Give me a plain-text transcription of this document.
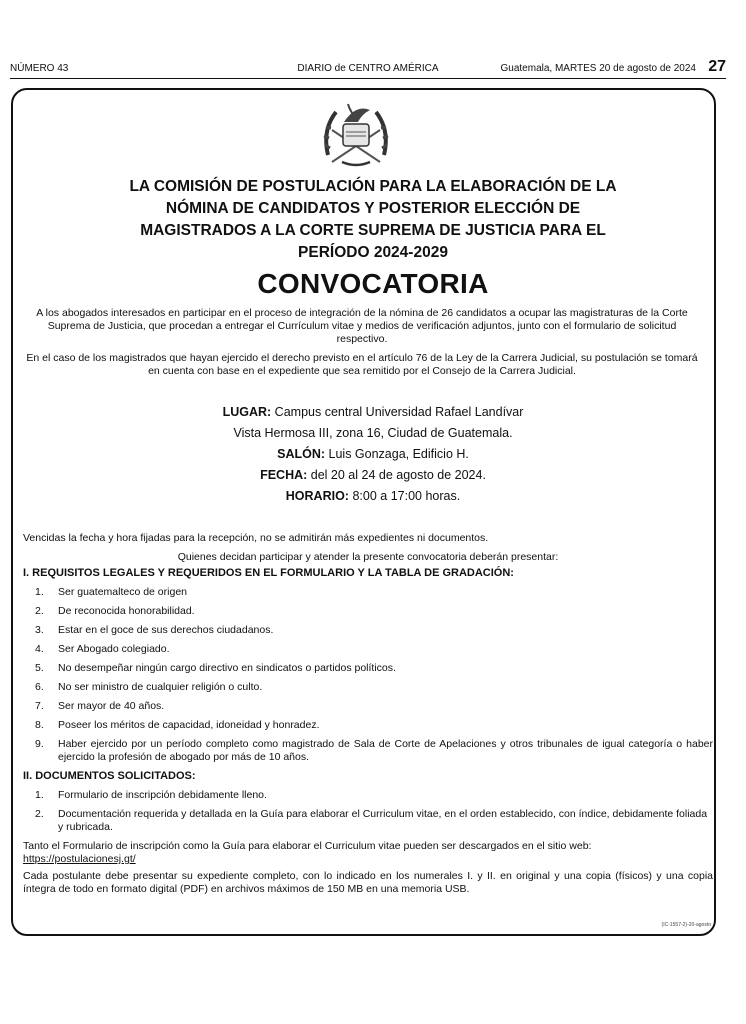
NÚMERO 43	DIARIO de CENTRO AMÉRICA	Guatemala, MARTES 20 de agosto de 2024 27
LA COMISIÓN DE POSTULACIÓN PARA LA ELABORACIÓN DE LA
NÓMINA DE CANDIDATOS Y POSTERIOR ELECCIÓN DE
MAGISTRADOS A LA CORTE SUPREMA DE JUSTICIA PARA EL
PERÍODO 2024-2029
CONVOCATORIA

A los abogados interesados en participar en el proceso de integración de la nómina de 26 candidatos a ocupar las magistraturas de la Corte Suprema de Justicia, que procedan a entregar el Currículum vitae y medios de verificación adjuntos, junto con el formulario de solicitud respectivo.

En el caso de los magistrados que hayan ejercido el derecho previsto en el artículo 76 de la Ley de la Carrera Judicial, su postulación se tomará en cuenta con base en el expediente que sea remitido por el Consejo de la Carrera Judicial.

LUGAR: Campus central Universidad Rafael Landívar
Vista Hermosa III, zona 16, Ciudad de Guatemala.
SALÓN: Luis Gonzaga, Edificio H.
FECHA: del 20 al 24 de agosto de 2024.
HORARIO: 8:00 a 17:00 horas.
Vencidas la fecha y hora fijadas para la recepción, no se admitirán más expedientes ni documentos.
Quienes decidan participar y atender la presente convocatoria deberán presentar:
I. REQUISITOS LEGALES Y REQUERIDOS EN EL FORMULARIO Y LA TABLA DE GRADACIÓN:
1. Ser guatemalteco de origen
2. De reconocida honorabilidad.
3. Estar en el goce de sus derechos ciudadanos.
4. Ser Abogado colegiado.
5. No desempeñar ningún cargo directivo en sindicatos o partidos políticos.
6. No ser ministro de cualquier religión o culto.
7. Ser mayor de 40 años.
8. Poseer los méritos de capacidad, idoneidad y honradez.
9. Haber ejercido por un período completo como magistrado de Sala de Corte de Apelaciones y otros tribunales de igual categoría o haber ejercido la profesión de abogado por más de 10 años.
II. DOCUMENTOS SOLICITADOS:
1. Formulario de inscripción debidamente lleno.
2. Documentación requerida y detallada en la Guía para elaborar el Curriculum vitae, en el orden establecido, con índice, debidamente foliada y rubricada.
Tanto el Formulario de inscripción como la Guía para elaborar el Curriculum vitae pueden ser descargados en el sitio web:
https://postulacionesj.gt/
Cada postulante debe presentar su expediente completo, con lo indicado en los numerales I. y II. en original y una copia (físicos) y una copia íntegra de todo en formato digital (PDF) en archivos máximos de 150 MB en una memoria USB.
(IC-1557-2)-20-agosto
